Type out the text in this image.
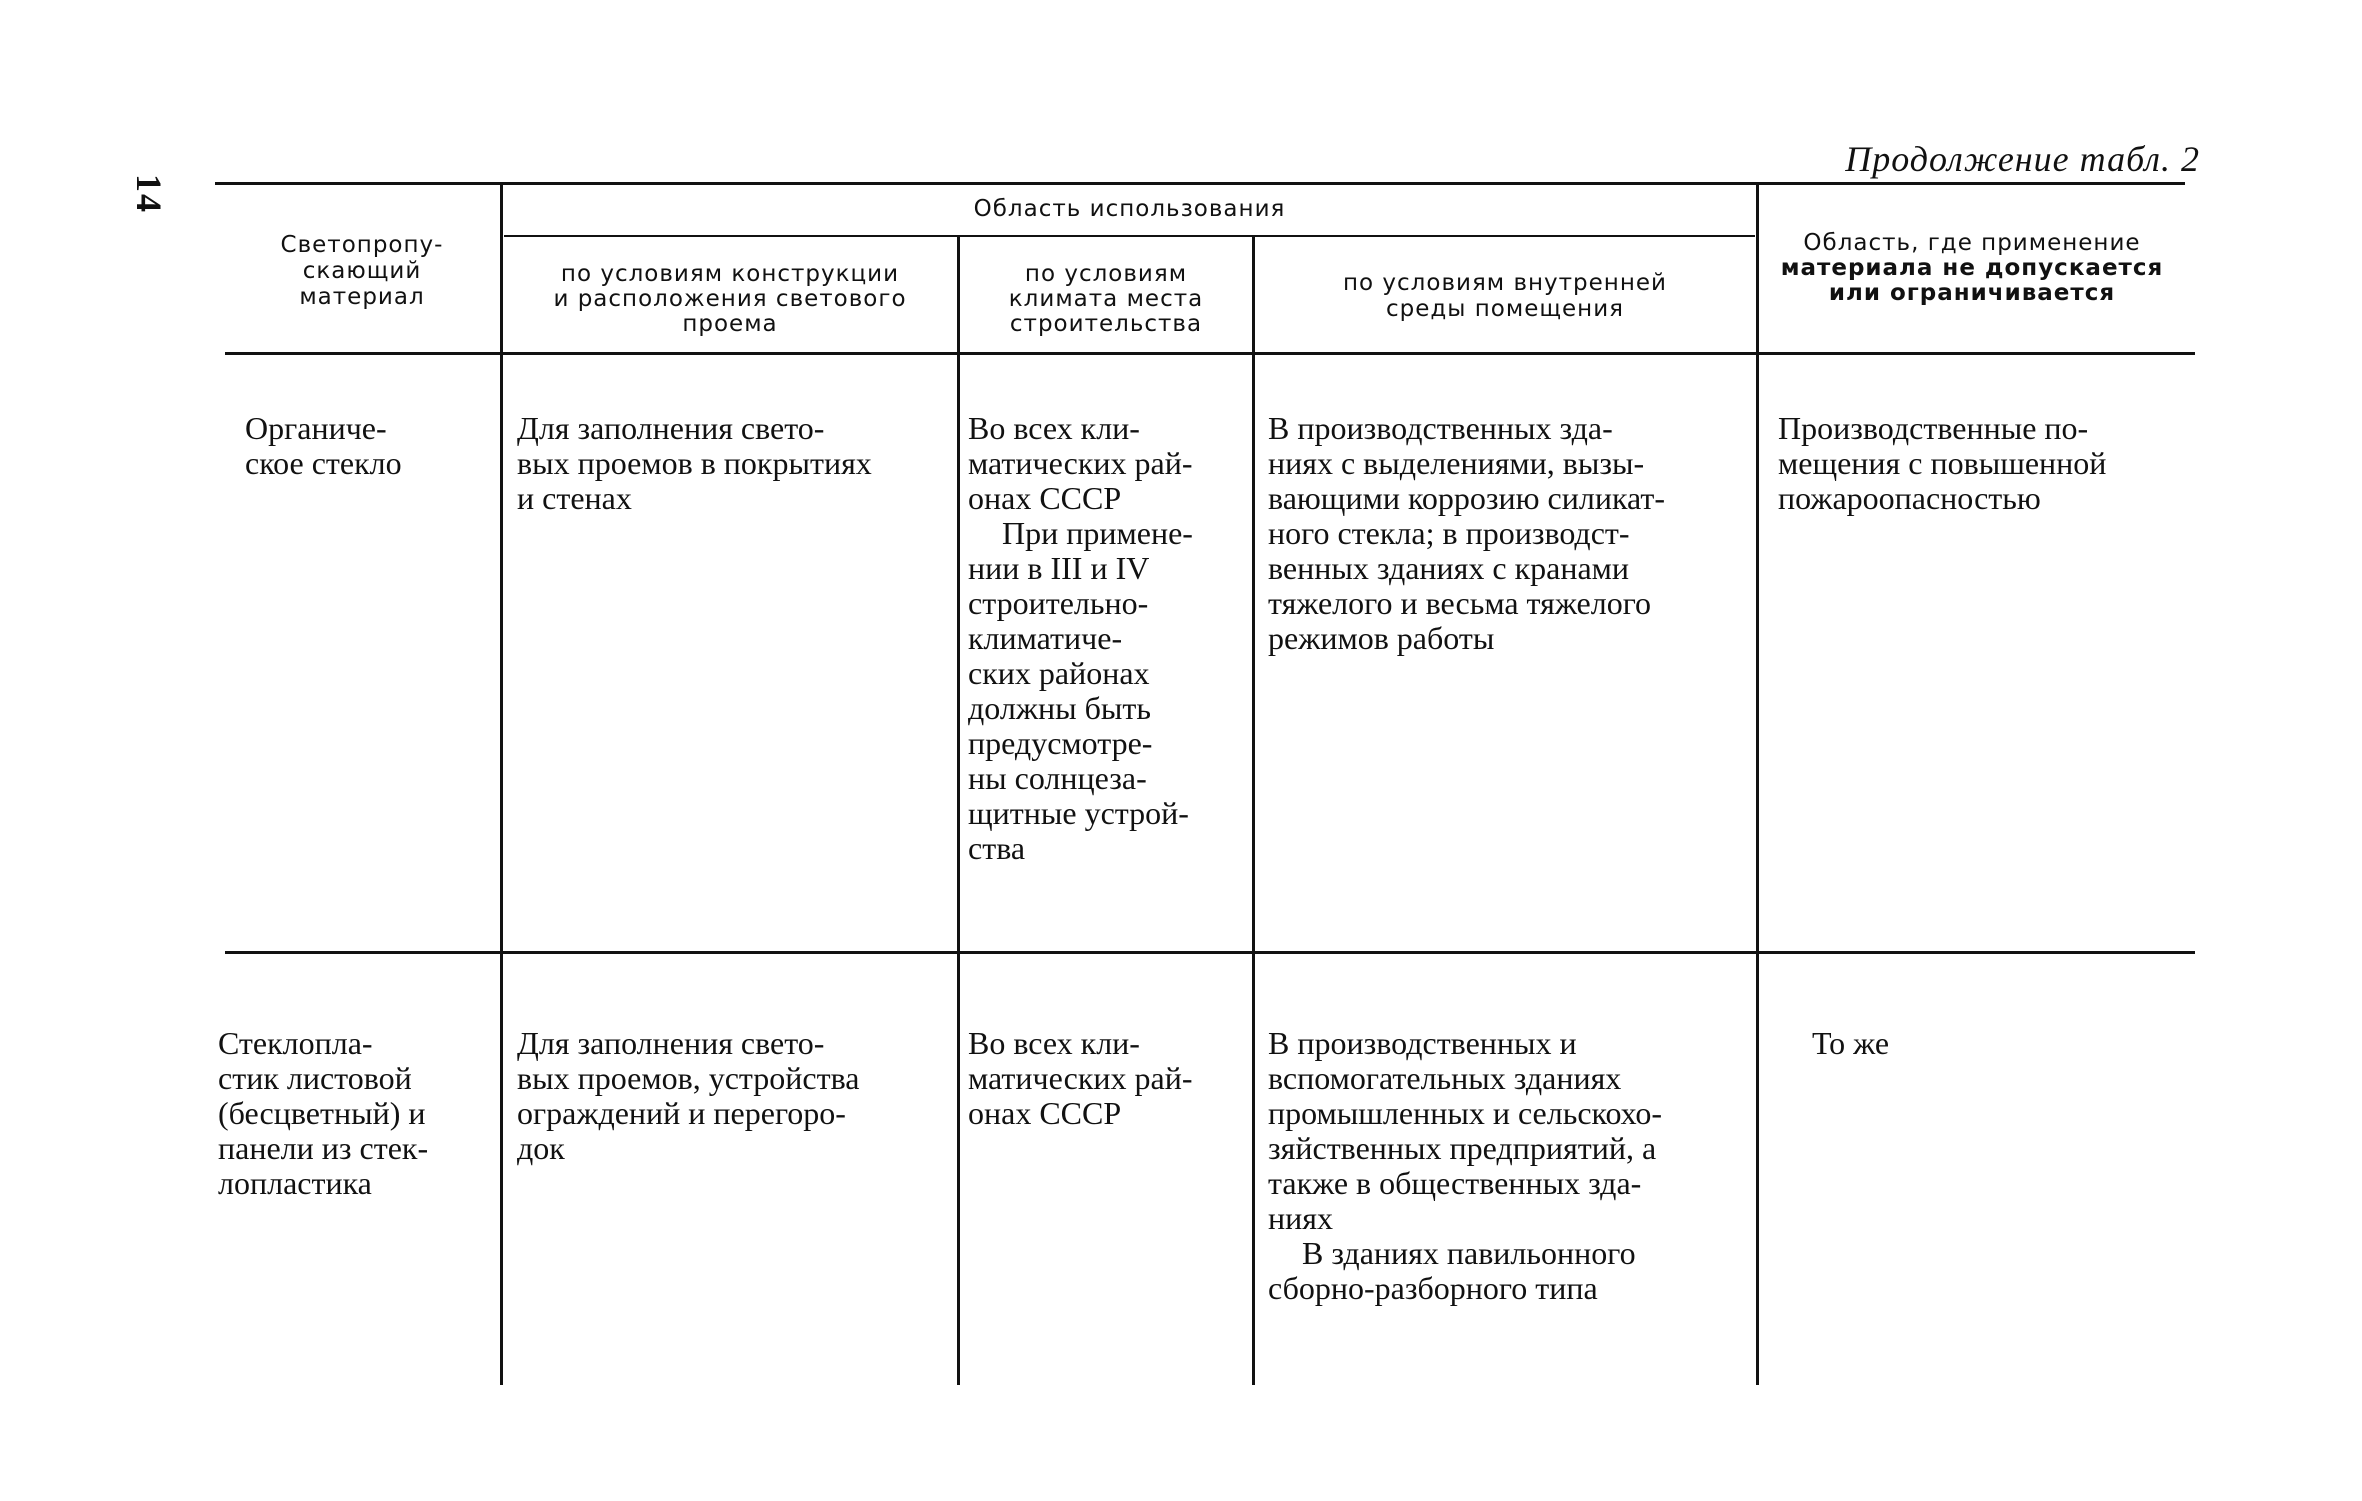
14
Продолжение табл. 2
Светопропу-
скающий
материал
Область использования
по условиям конструкции
и расположения светового
проема
по условиям
климата места
строительства
по условиям внутренней
среды помещения
Область, где применение
материала не допускается
или ограничивается
Органиче-
ское стекло
Для заполнения свето-
вых проемов в покрытиях
и стенах

Во всех кли-
матических рай-
онах СССР

При примене-
нии в III и IV
строительно-
климатиче-
ских районах
должны быть
предусмотре-
ны солнцеза-
щитные устрой-
ства

В производственных зда-
ниях с выделениями, вызы-
вающими коррозию силикат-
ного стекла; в производст-
венных зданиях с кранами
тяжелого и весьма тяжелого
режимов работы

Производственные по-
мещения с повышенной
пожароопасностью
Стеклопла-
стик листовой
(бесцветный) и
панели из стек-
лопластика
Для заполнения свето-
вых проемов, устройства
ограждений и перегоро-
док

Во всех кли-
матических рай-
онах СССР

В производственных и
вспомогательных зданиях
промышленных и сельскохо-
зяйственных предприятий, а
также в общественных зда-
ниях

В зданиях павильонного
сборно-разборного типа

То же
